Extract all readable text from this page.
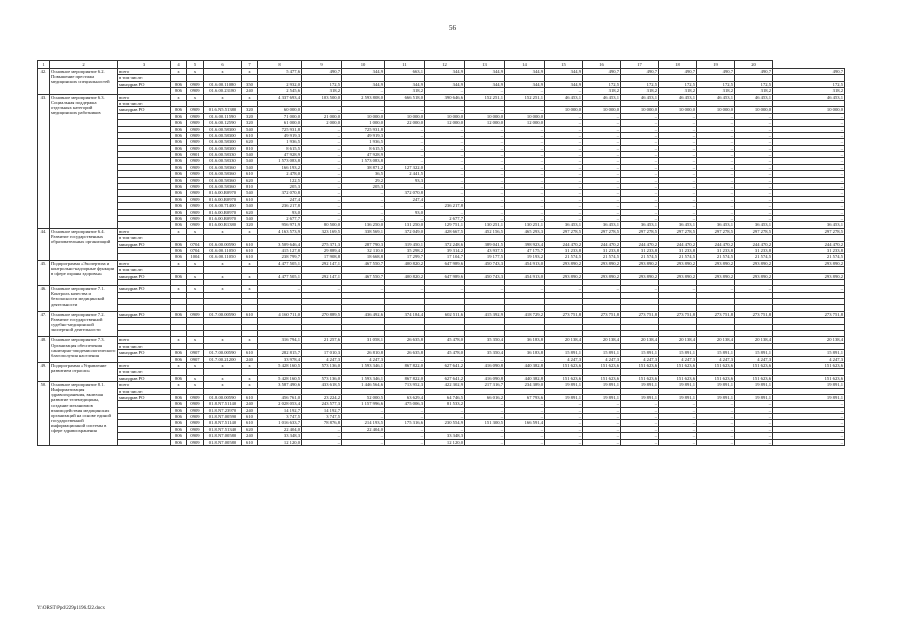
56
1	2	3	4	5	6	7	8	9	10	11	12	13	14	15	16	17	18	19	20	
42.	Основное мероприятие 6.2. Повышение престижа медицинских специальностей	всего	x	x	x	x	5 477,6	490,7	344,9	663,1	344,9	344,9	344,9	344,9	490,7	490,7	490,7	490,7	490,7	490,7
		в том числе:																		
		минздрав РО	806	0909	01.6.00.11080	350	2 932,0	172,5	344,9	344,9	344,9	344,9	344,9	344,9	172,5	172,5	172,5	172,5	172,5	172,5
			806	0909	01.6.00.23180	240	2 545,6	318,2	–	318,2	–	–	–	–	318,2	318,2	318,2	318,2	318,2	318,2
43.	Основное мероприятие 6.3. Социальная поддержка отдельных категорий медицинских работников	всего	x	x	x	x	4 337 693,4	103 500,0	2 593 808,0	666 518,0	390 646,6	152 251,1	152 251,1	46 453,1	46 453,1	46 453,1	46 453,1	46 453,1	46 453,1	46 453,1
		в том числе:																		
		минздрав РО	806	0909	01.6.N5.51380	320	60 000,0	–	–	–	–	–	–	10 000,0	10 000,0	10 000,0	10 000,0	10 000,0	10 000,0	10 000,0
			806	0909	01.6.00.11590	320	71 000,0	21 000,0	10 000,0	10 000,0	10 000,0	10 000,0	10 000,0	–	–	–	–	–	–	–
			806	0909	01.6.00.12590	320	61 000,0	2 000,0	1 000,0	22 000,0	12 000,0	12 000,0	12 000,0	–	–	–	–	–	–	–
			806	0909	01.6.00.58300	540	725 931,8	–	725 931,8	–	–	–	–	–	–	–	–	–	–	–
			806	0909	01.6.00.58300	610	49 919,3	–	49 919,3	–	–	–	–	–	–	–	–	–	–	–
			806	0909	01.6.00.58300	620	1 936,5	–	1 936,5	–	–	–	–	–	–	–	–	–	–	–
			806	0909	01.6.00.58300	810	8 615,5	–	8 615,5	–	–	–	–	–	–	–	–	–	–	–
			806	0901	01.6.00.58330	540	47 928,9	–	47 928,9	–	–	–	–	–	–	–	–	–	–	–
			806	0909	01.6.00.58330	540	1 573 083,8	–	1 573 083,8	–	–	–	–	–	–	–	–	–	–	–
			806	0909	01.6.00.58360	540	166 193,2	–	38 871,2	127 322,0	–	–	–	–	–	–	–	–	–	–
			806	0909	01.6.00.58360	610	2 478,0	–	36,5	2 441,5	–	–	–	–	–	–	–	–	–	–
			806	0909	01.6.00.58360	620	122,5	–	29,2	93,3	–	–	–	–	–	–	–	–	–	–
			806	0909	01.6.00.58360	810	205,3	–	205,3	–	–	–	–	–	–	–	–	–	–	–
			806	0909	01.6.00.R0970	540	372 070,8	–	–	372 070,8	–	–	–	–	–	–	–	–	–	–
			806	0909	01.6.00.R0970	610	247,4	–	–	247,4	–	–	–	–	–	–	–	–	–	–
			806	0909	01.6.00.71400	540	236 217,8	–	–	–	236 217,8	–	–	–	–	–	–	–	–	–
			806	0909	01.6.00.R0970	620	93,0	–	–	93,0	–	–	–	–	–	–	–	–	–	–
			806	0909	01.6.00.R0970	540	2 677,7	–	–	–	2 677,7	–	–	–	–	–	–	–	–	–
			806	0909	01.6.00.R1380	320	956 971,9	80 500,0	136 250,0	131 250,0	129 751,1	130 251,1	130 251,1	36 453,1	36 453,1	36 453,1	36 453,1	36 453,1	36 453,1	36 453,1
44.	Основное мероприятие 6.4. Развитие государственных образовательных организаций	всего	x	x	x	x	4 163 573,9	323 169,5	338 569,1	372 049,0	428 667,5	452 156,5	465 293,3	297 278,5	297 278,5	297 278,5	297 278,5	297 278,5	297 278,5	297 278,5
		в том числе:																		
		минздрав РО	806	0704	01.6.00.00590	610	3 509 646,4	275 371,3	287 790,3	319 450,1	372 248,6	389 041,5	398 923,4	244 470,2	244 470,2	244 470,2	244 470,2	244 470,2	244 470,2	244 470,2
			806	0704	01.6.00.11050	610	415 127,8	29 889,4	32 110,0	35 298,2	39 314,2	43 937,5	47 175,7	31 233,8	31 233,8	31 233,8	31 233,8	31 233,8	31 233,8	31 233,8
			806	1004	01.6.00.11050	610	238 799,7	17 908,8	18 668,8	17 299,7	17 104,7	19 177,5	19 193,2	21 574,5	21 574,5	21 574,5	21 574,5	21 574,5	21 574,5	21 574,5
45.	Подпрограмма «Экспертиза и контрольно-надзорные функции в сфере охраны здоровья»	всего	x	x	x	x	4 477 505,1	292 147,1	467 550,7	400 820,2	647 989,6	450 743,3	454 913,0	293 890,2	293 890,2	293 890,2	293 890,2	293 890,2	293 890,2	293 890,2
		в том числе:																		
		минздрав РО	806	x	x	x	4 477 505,1	292 147,1	467 550,7	400 820,2	647 989,6	450 743,3	454 913,0	293 890,2	293 890,2	293 890,2	293 890,2	293 890,2	293 890,2	293 890,2

46.	Основное мероприятие 7.1. Контроль качества и безопасности медицинской деятельности	минздрав РО	x	x	x	x	–	–	–	–	–	–	–	–	–	–	–	–	–	–

47.	Основное мероприятие 7.2. Развитие государственной судебно-медицинской экспертной деятельности	минздрав РО	806	0909	01.7.00.00590	610	4 160 711,0	270 889,5	436 492,6	374 184,4	602 511,6	415 392,9	418 729,2	273 751,8	273 751,8	273 751,8	273 751,8	273 751,8	273 751,8	273 751,8

48.	Основное мероприятие 7.3. Организация обеспечения санитарно-эпидемиологического благополучия населения	всего	x	x	x	x	316 794,1	21 257,6	31 058,1	26 635,8	45 478,0	35 350,4	36 183,8	20 138,4	20 138,4	20 138,4	20 138,4	20 138,4	20 138,4	20 138,4
		в том числе:																		
		минздрав РО	806	0907	01.7.00.00590	610	282 815,7	17 010,3	26 810,8	26 635,8	45 478,0	35 350,4	36 183,8	15 891,1	15 891,1	15 891,1	15 891,1	15 891,1	15 891,1	15 891,1
			806	0907	01.7.00.21200	240	33 978,4	4 247,3	4 247,3	–	–	–	–	4 247,3	4 247,3	4 247,3	4 247,3	4 247,3	4 247,3	4 247,3
49.	Подпрограмма «Управление развитием отрасли»	всего	x	x	x	x	5 428 160,5	573 136,0	1 593 346,1	867 822,0	627 641,2	416 090,8	440 382,8	151 623,6	151 623,6	151 623,6	151 623,6	151 623,6	151 623,6	151 623,6
		в том числе:																		
		минздрав РО	806	x	x	x	5 428 160,5	573 136,0	1 593 346,1	867 822,0	627 641,2	416 090,8	440 382,8	151 623,6	151 623,6	151 623,6	151 623,6	151 623,6	151 623,6	151 623,6
50.	Основное мероприятие 8.1. Информатизация здравоохранения, включая развитие телемедицины, создание механизмов взаимодействия медицинских организаций на основе единой государственной информационной системы в сфере здравоохранения	всего	x	x	x	x	3 587 490,6	433 618,5	1 446 564,6	713 952,3	422 302,9	217 316,7	234 389,0	19 891,1	19 891,1	19 891,1	19 891,1	19 891,1	19 891,1	19 891,1
		в том числе:																		
		минздрав РО	806	0909	01.8.00.00590	610	456 761,0	23 224,2	52 000,5	63 629,4	64 746,5	66 016,2	67 793,6	19 891,1	19 891,1	19 891,1	19 891,1	19 891,1	19 891,1	19 891,1
			806	0909	01.8.N7.51140	240	2 028 053,4	243 577,3	1 157 996,6	475 006,3	81 533,2	–	–	–	–	–	–	–	–	–
			806	0909	01.8.N7.23970	240	14 192,7	14 192,7	–	–	–	–	–	–	–	–	–	–	–	–
			806	0909	01.8.N7.00590	610	3 747,5	3 747,5	–	–	–	–	–	–	–	–	–	–	–	–
			806	0909	01.8.N7.51140	610	1 016 633,7	78 876,8	214 193,5	175 316,6	230 554,9	151 300,5	166 591,4	–	–	–	–	–	–	–
			806	0909	01.8.N7.51340	620	22 404,0	–	22 404,0	–	–	–	–	–	–	–	–	–	–	–
			806	0909	01.8.N7.00580	240	33 348,3	–	–	–	33 348,3	–	–	–	–	–	–	–	–	–
			806	0909	01.8.N7.00580	610	12 120,0	–	–	–	12 120,0	–	–	–	–	–	–	–	–	–
Y:\ORST\Ppd\229p1196.f22.docx
